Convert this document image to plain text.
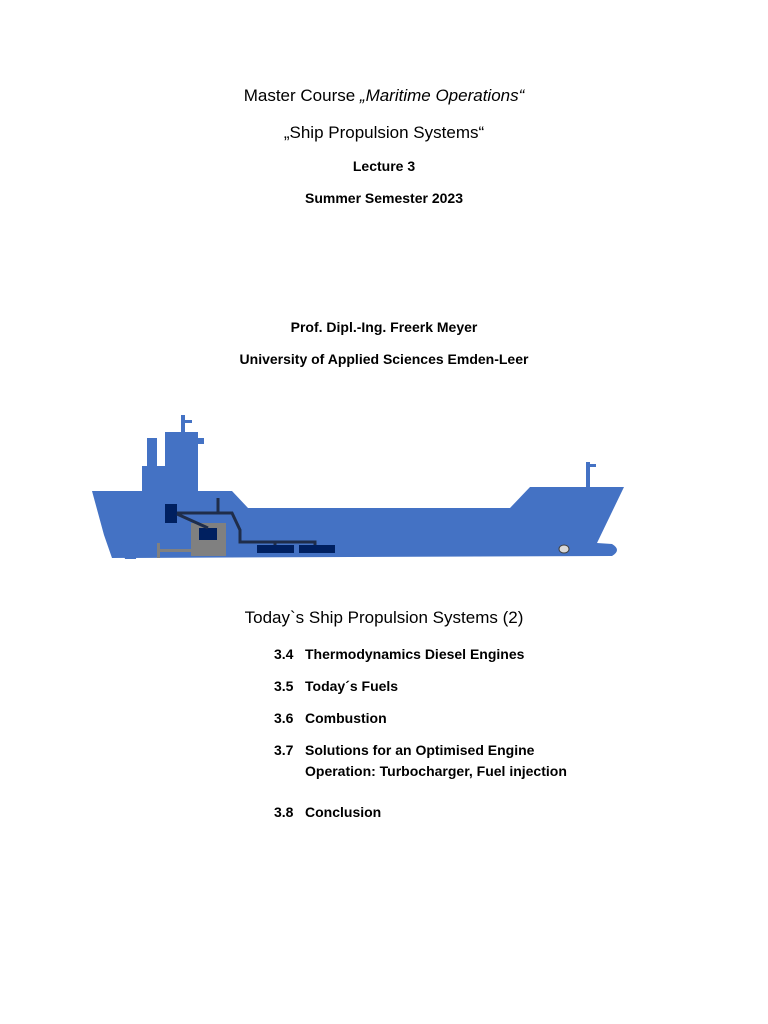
Master Course „Maritime Operations“
„Ship Propulsion Systems“
Lecture 3
Summer Semester 2023
Prof. Dipl.-Ing. Freerk Meyer
University of Applied Sciences Emden-Leer
Today`s Ship Propulsion Systems (2)
3.4 Thermodynamics Diesel Engines
3.5 Today´s Fuels
3.6 Combustion
3.7 Solutions for an Optimised Engine
Operation: Turbocharger, Fuel injection
3.8 Conclusion
